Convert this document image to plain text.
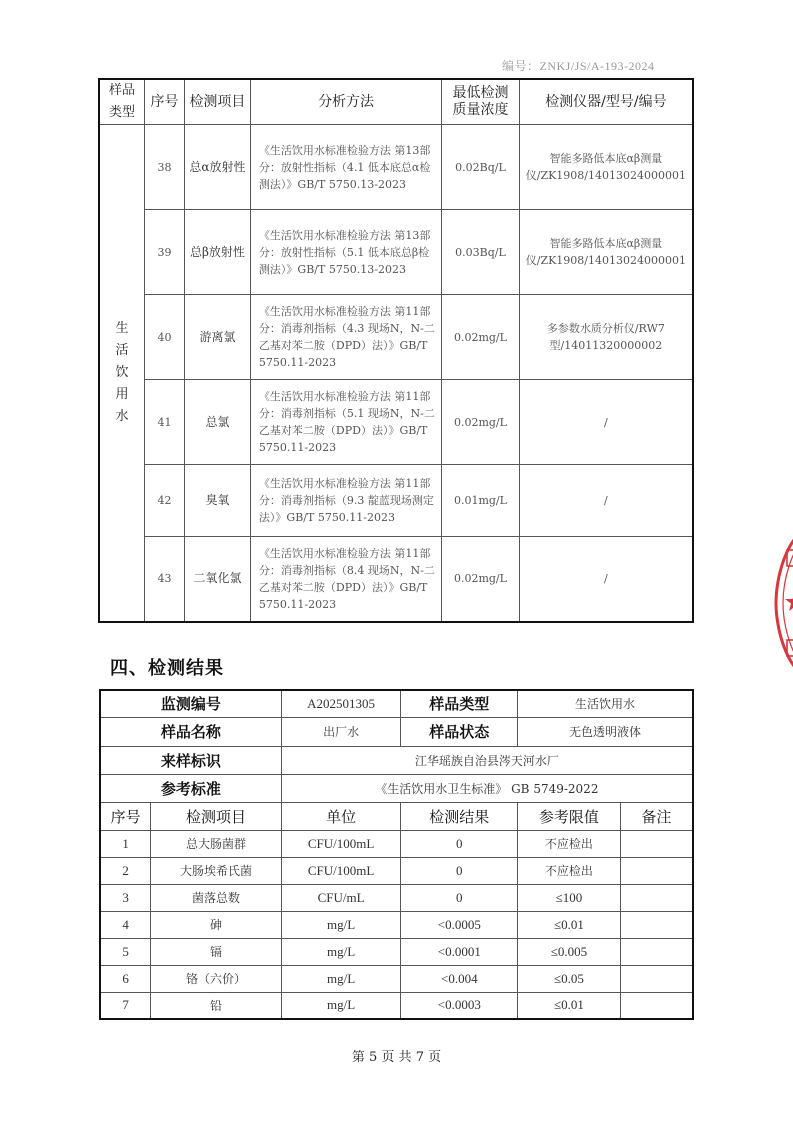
编号：ZNKJ/JS/A-193-2024
样品类型	序号	检测项目	分析方法	最低检测质量浓度	检测仪器/型号/编号
生活饮用水	38	总α放射性	《生活饮用水标准检验方法 第13部分：放射性指标（4.1 低本底总α检测法）》GB/T 5750.13-2023	0.02Bq/L	智能多路低本底αβ测量仪/ZK1908/14013024000001
	39	总β放射性	《生活饮用水标准检验方法 第13部分：放射性指标（5.1 低本底总β检测法）》GB/T 5750.13-2023	0.03Bq/L	智能多路低本底αβ测量仪/ZK1908/14013024000001
	40	游离氯	《生活饮用水标准检验方法 第11部分：消毒剂指标（4.3 现场N，N-二乙基对苯二胺（DPD）法）》GB/T 5750.11-2023	0.02mg/L	多参数水质分析仪/RW7型/14011320000002
	41	总氯	《生活饮用水标准检验方法 第11部分：消毒剂指标（5.1 现场N，N-二乙基对苯二胺（DPD）法）》GB/T 5750.11-2023	0.02mg/L	/
	42	臭氧	《生活饮用水标准检验方法 第11部分：消毒剂指标（9.3 靛蓝现场测定法）》GB/T 5750.11-2023	0.01mg/L	/
	43	二氧化氯	《生活饮用水标准检验方法 第11部分：消毒剂指标（8.4 现场N，N-二乙基对苯二胺（DPD）法）》GB/T 5750.11-2023	0.02mg/L	/
四、检测结果
监测编号		A202501305	样品类型	生活饮用水	
样品名称		出厂水	样品状态	无色透明液体	
来样标识		江华瑶族自治县涔天河水厂			
参考标准		《生活饮用水卫生标准》 GB 5749-2022			
序号	检测项目	单位	检测结果	参考限值	备注
1	总大肠菌群	CFU/100mL	0	不应检出	
2	大肠埃希氏菌	CFU/100mL	0	不应检出	
3	菌落总数	CFU/mL	0	≤100	
4	砷	mg/L	<0.0005	≤0.01	
5	镉	mg/L	<0.0001	≤0.005	
6	铬（六价）	mg/L	<0.004	≤0.05	
7	铅	mg/L	<0.0003	≤0.01	
第 5 页 共 7 页
